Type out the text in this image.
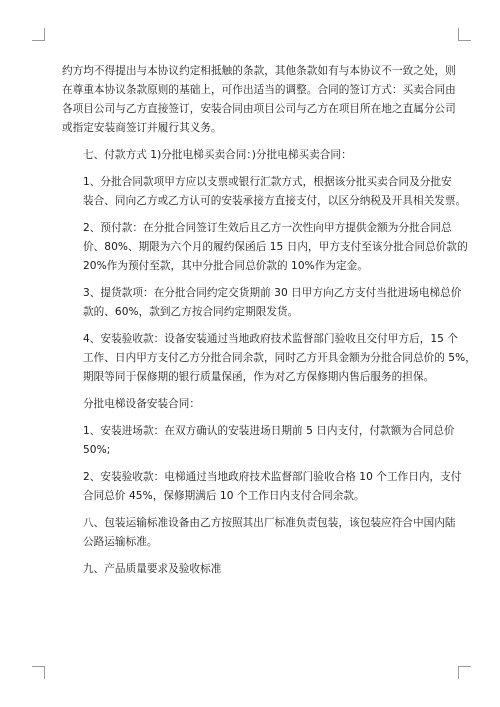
约方均不得提出与本协议约定相抵触的条款，其他条款如有与本协议不一致之处，则
在尊重本协议条款原则的基础上，可作出适当的调整。合同的签订方式：买卖合同由
各项目公司与乙方直接签订，安装合同由项目公司与乙方在项目所在地之直属分公司
或指定安装商签订并履行其义务。

七、付款方式 1)分批电梯买卖合同：)分批电梯买卖合同：

1、分批合同款项甲方应以支票或银行汇款方式，根据该分批买卖合同及分批安
装合、同向乙方或乙方认可的安装承接方直接支付，以区分纳税及开具相关发票。

2、预付款：在分批合同签订生效后且乙方一次性向甲方提供金额为分批合同总
价、80%、期限为六个月的履约保函后 15 日内，甲方支付至该分批合同总价款的
20%作为预付至款，其中分批合同总价款的 10%作为定金。

3、提货款项：在分批合同约定交货期前 30 日甲方向乙方支付当批进场电梯总价
款的、60%，款到乙方按合同约定期限发货。

4、安装验收款：设备安装通过当地政府技术监督部门验收且交付甲方后，15 个
工作、日内甲方支付乙方分批合同余款，同时乙方开具金额为分批合同总价的 5%，
期限等同于保修期的银行质量保函，作为对乙方保修期内售后服务的担保。

分批电梯设备安装合同：

1、安装进场款：在双方确认的安装进场日期前 5 日内支付，付款额为合同总价
50%;

2、安装验收款：电梯通过当地政府技术监督部门验收合格 10 个工作日内，支付
合同总价 45%，保修期满后 10 个工作日内支付合同余款。

八、包装运输标准设备由乙方按照其出厂标准负责包装，该包装应符合中国内陆
公路运输标准。

九、产品质量要求及验收标准
